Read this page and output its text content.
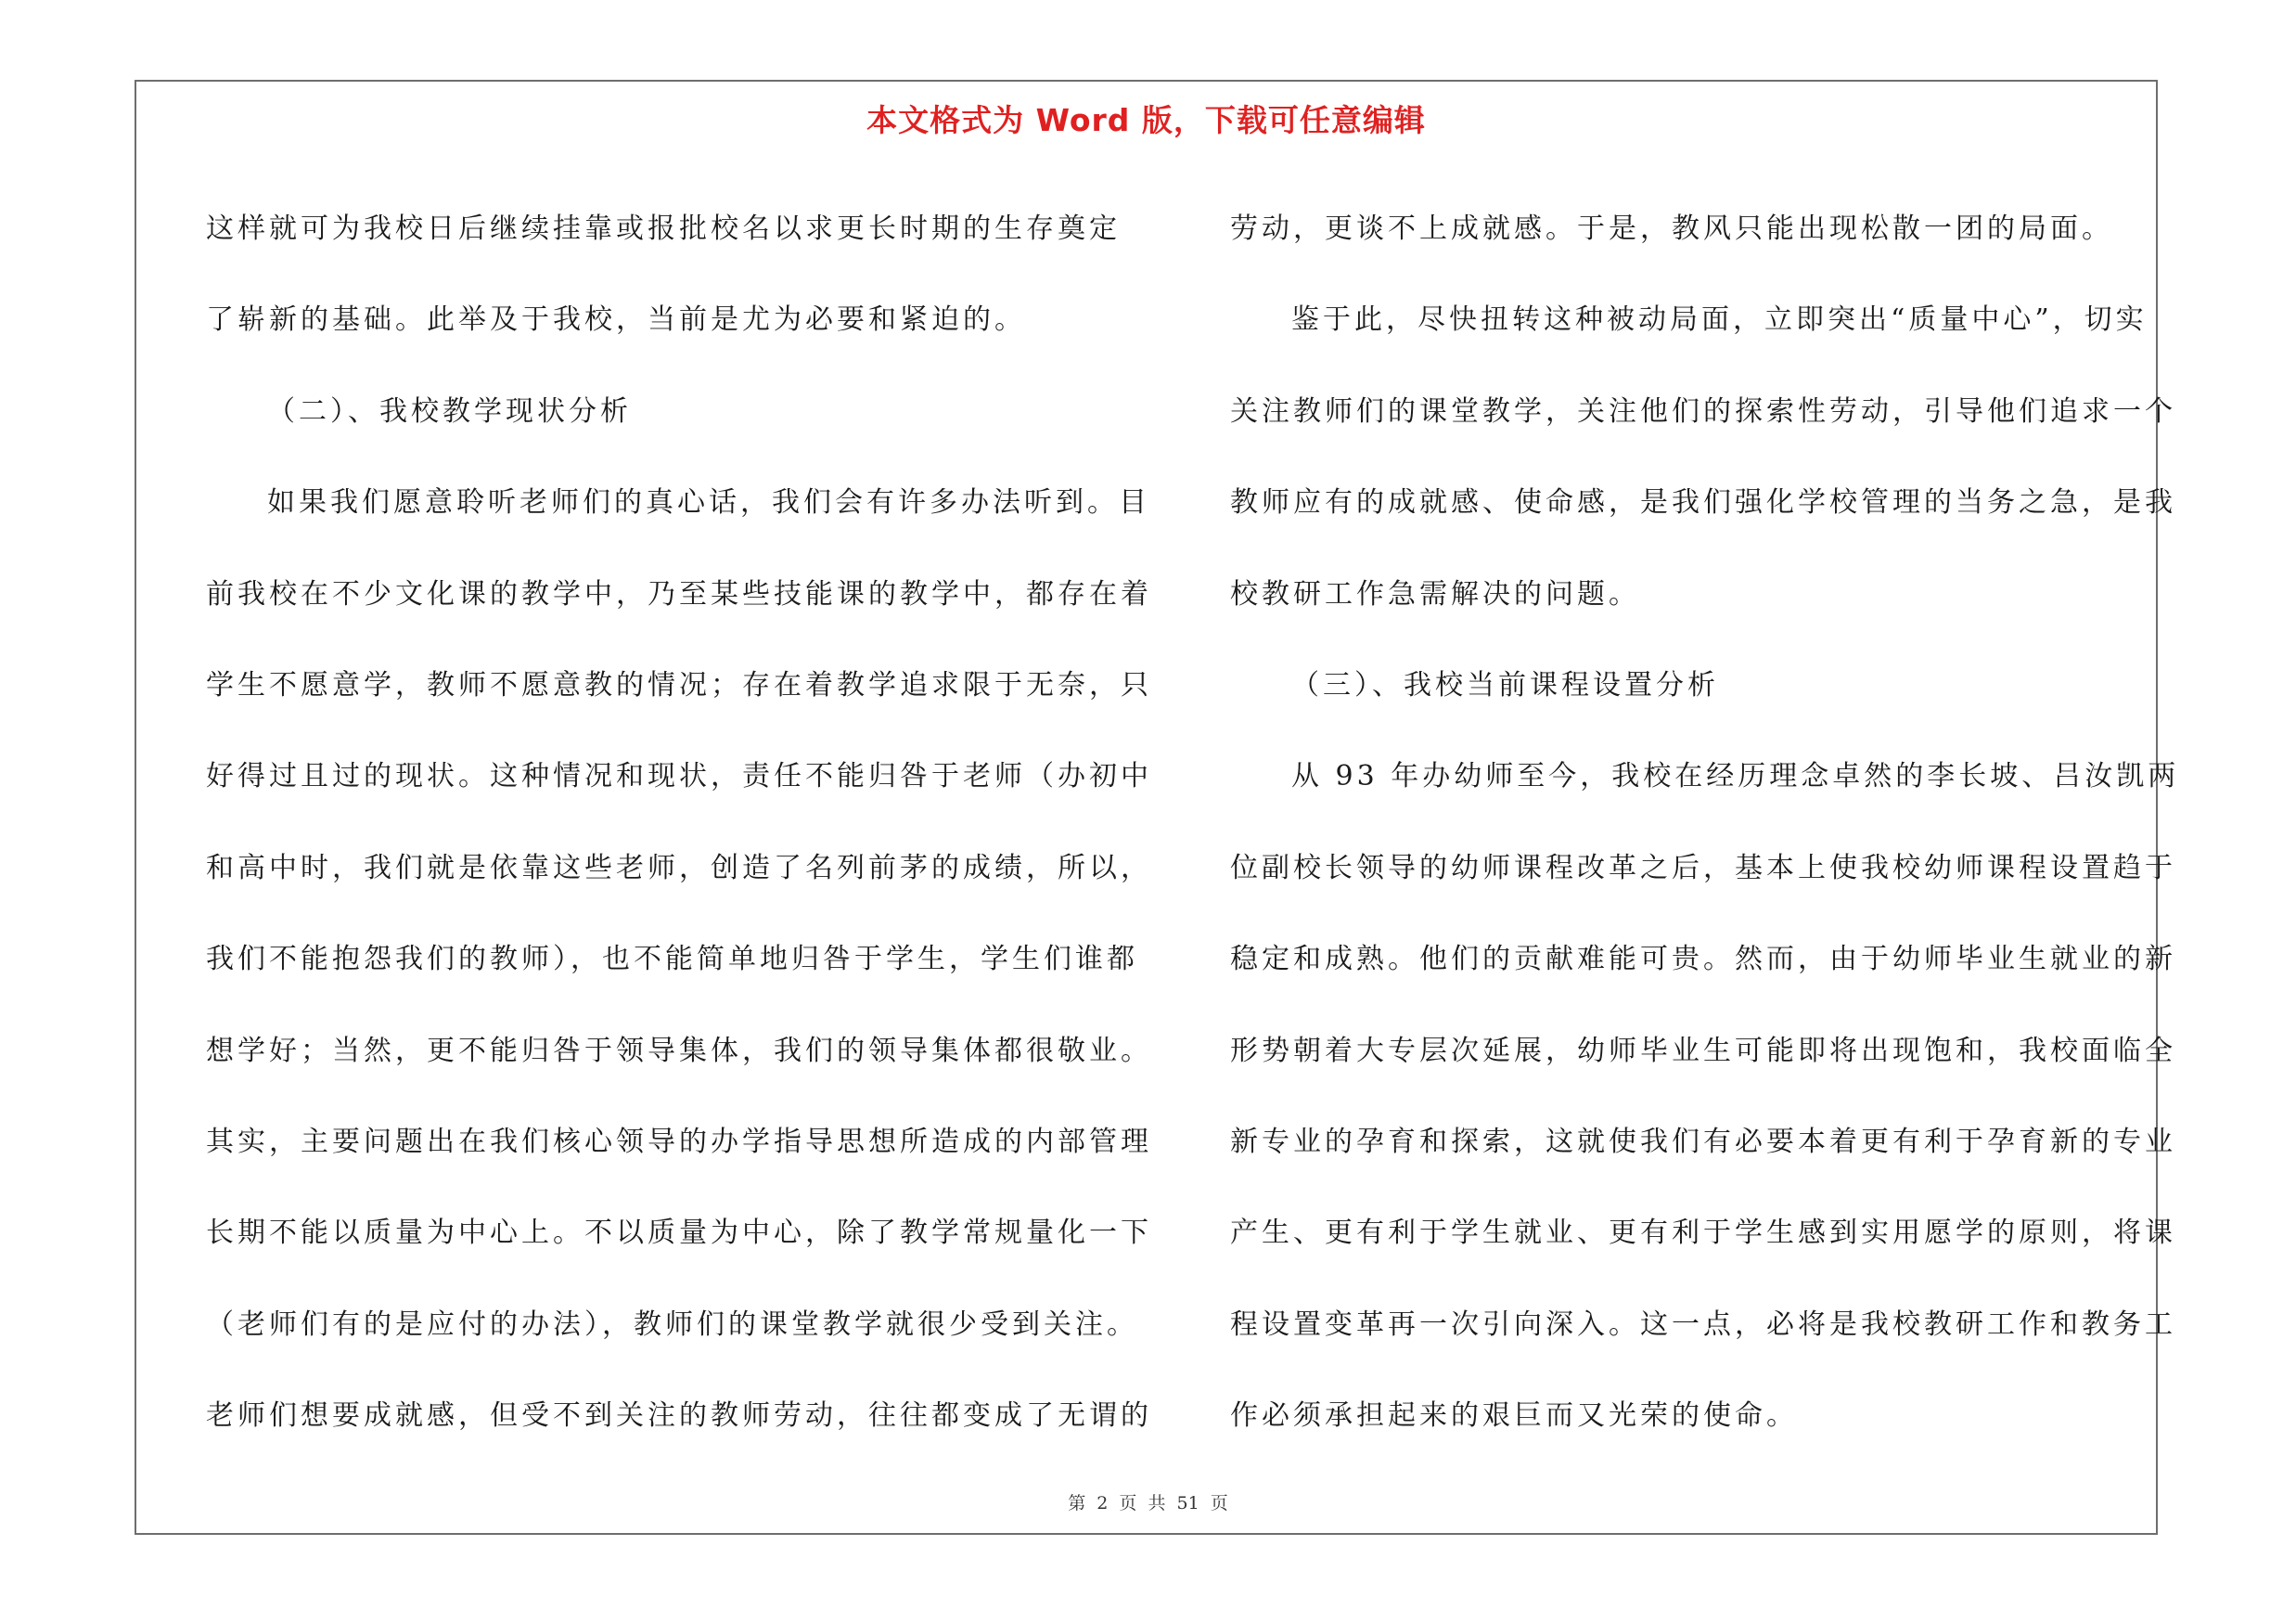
本文格式为 Word 版，下载可任意编辑
这样就可为我校日后继续挂靠或报批校名以求更长时期的生存奠定
了崭新的基础。此举及于我校，当前是尤为必要和紧迫的。
（二）、我校教学现状分析
如果我们愿意聆听老师们的真心话，我们会有许多办法听到。目
前我校在不少文化课的教学中，乃至某些技能课的教学中，都存在着
学生不愿意学，教师不愿意教的情况；存在着教学追求限于无奈，只
好得过且过的现状。这种情况和现状，责任不能归咎于老师（办初中
和高中时，我们就是依靠这些老师，创造了名列前茅的成绩，所以，
我们不能抱怨我们的教师），也不能简单地归咎于学生，学生们谁都
想学好；当然，更不能归咎于领导集体，我们的领导集体都很敬业。
其实，主要问题出在我们核心领导的办学指导思想所造成的内部管理
长期不能以质量为中心上。不以质量为中心，除了教学常规量化一下
（老师们有的是应付的办法），教师们的课堂教学就很少受到关注。
老师们想要成就感，但受不到关注的教师劳动，往往都变成了无谓的
劳动，更谈不上成就感。于是，教风只能出现松散一团的局面。
鉴于此，尽快扭转这种被动局面，立即突出“质量中心”，切实
关注教师们的课堂教学，关注他们的探索性劳动，引导他们追求一个
教师应有的成就感、使命感，是我们强化学校管理的当务之急，是我
校教研工作急需解决的问题。
（三）、我校当前课程设置分析
从 93 年办幼师至今，我校在经历理念卓然的李长坡、吕汝凯两
位副校长领导的幼师课程改革之后，基本上使我校幼师课程设置趋于
稳定和成熟。他们的贡献难能可贵。然而，由于幼师毕业生就业的新
形势朝着大专层次延展，幼师毕业生可能即将出现饱和，我校面临全
新专业的孕育和探索，这就使我们有必要本着更有利于孕育新的专业
产生、更有利于学生就业、更有利于学生感到实用愿学的原则，将课
程设置变革再一次引向深入。这一点，必将是我校教研工作和教务工
作必须承担起来的艰巨而又光荣的使命。
第 2 页 共 51 页
